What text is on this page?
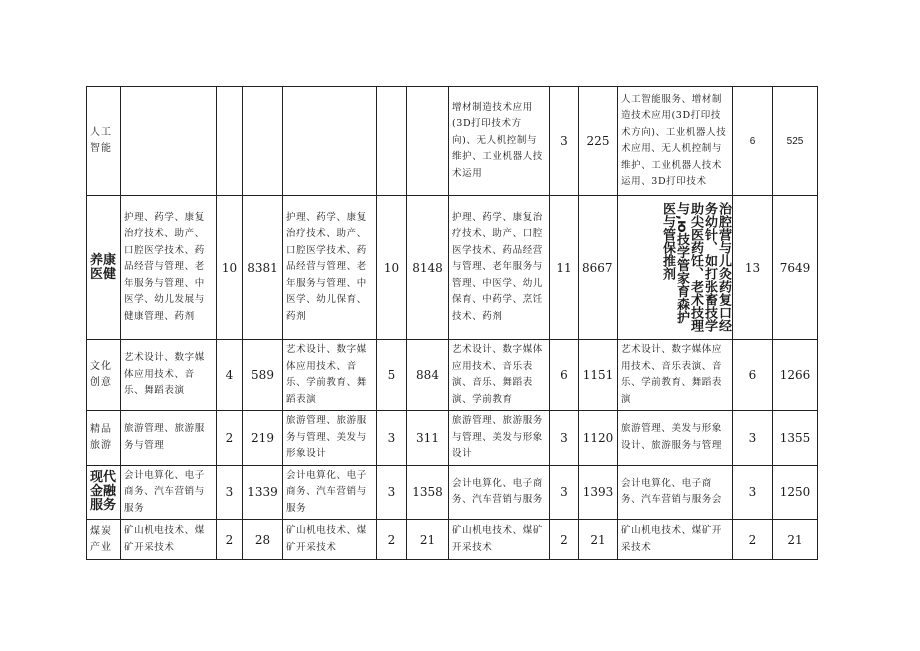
人工智能							增材制造技术应用(3D打印技术方向)、无人机控制与维护、工业机器人技术运用	3	225	人工智能服务、增材制造技术应用(3D打印技术方向)、工业机器人技术应用、无人机控制与维护、工业机器人技术运用、3D打印技术	6	525
养康医健	护理、药学、康复治疗技术、助产、口腔医学技术、药品经营与管理、老年服务与管理、中医学、幼儿发展与健康管理、药剂	10	8381	护理、药学、康复治疗技术、助产、口腔医学技术、药品经营与管理、老年服务与管理、中医学、幼儿保育、药剂	10	8148	护理、药学、康复治疗技术、助产、口腔医学技术、药品经营与管理、老年服务与管理、中医学、幼儿保育、中药学、烹饪技术、药剂	11	8667	治腔营与儿灸药复口经务幼针、如打张畜技学助尖医药饪、老术技理与,ю技学管家育森护医与管保推剂	13	7649
文化创意	艺术设计、数字媒体应用技术、音乐、舞蹈表演	4	589	艺术设计、数字媒体应用技术、音乐、学前教育、舞蹈表演	5	884	艺术设计、数字媒体应用技术、音乐表演、音乐、舞蹈表演、学前教育	6	1151	艺术设计、数字媒体应用技术、音乐表演、音乐、学前教育、舞蹈表演	6	1266
精品旅游	旅游管理、旅游服务与管理	2	219	旅游管理、旅游服务与管理、美发与形象设计	3	311	旅游管理、旅游服务与管理、美发与形象设计	3	1120	旅游管理、美发与形象设计、旅游服务与管理	3	1355
现代金融服务	会计电算化、电子商务、汽车营销与服务	3	1339	会计电算化、电子商务、汽车营销与服务	3	1358	会计电算化、电子商务、汽车营销与服务	3	1393	会计电算化、电子商务、汽车营销与服务会	3	1250
煤炭产业	矿山机电技术、煤矿开采技术	2	28	矿山机电技术、煤矿开采技术	2	21	矿山机电技术、煤矿开采技术	2	21	矿山机电技术、煤矿开采技术	2	21
